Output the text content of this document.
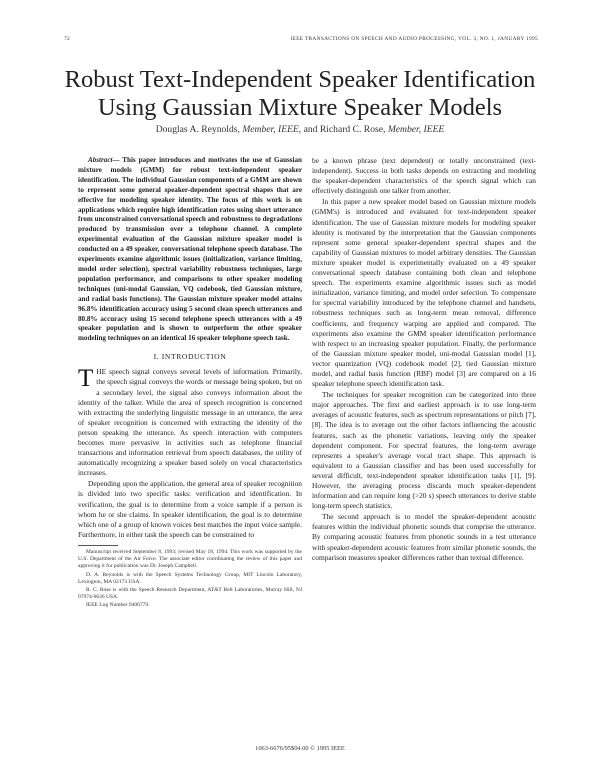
72	IEEE TRANSACTIONS ON SPEECH AND AUDIO PROCESSING, VOL. 3, NO. 1, JANUARY 1995
Robust Text-Independent Speaker Identification
Using Gaussian Mixture Speaker Models
Douglas A. Reynolds, Member, IEEE, and Richard C. Rose, Member, IEEE

Abstract— This paper introduces and motivates the use of Gaussian mixture models (GMM) for robust text-independent speaker identification. The individual Gaussian components of a GMM are shown to represent some general speaker-dependent spectral shapes that are effective for modeling speaker identity. The focus of this work is on applications which require high identification rates using short utterance from unconstrained conversational speech and robustness to degradations produced by transmission over a telephone channel. A complete experimental evaluation of the Gaussian mixture speaker model is conducted on a 49 speaker, conversational telephone speech database. The experiments examine algorithmic issues (initialization, variance limiting, model order selection), spectral variability robustness techniques, large population performance, and comparisons to other speaker modeling techniques (uni-modal Gaussian, VQ codebook, tied Gaussian mixture, and radial basis functions). The Gaussian mixture speaker model attains 96.8% identification accuracy using 5 second clean speech utterances and 80.8% accuracy using 15 second telephone speech utterances with a 49 speaker population and is shown to outperform the other speaker modeling techniques on an identical 16 speaker telephone speech task.

I. INTRODUCTION

THE speech signal conveys several levels of information. Primarily, the speech signal conveys the words or message being spoken, but on a secondary level, the signal also conveys information about the identity of the talker. While the area of speech recognition is concerned with extracting the underlying linguistic message in an utterance, the area of speaker recognition is concerned with extracting the identity of the person speaking the utterance. As speech interaction with computers becomes more pervasive in activities such as telephone financial transactions and information retrieval from speech databases, the utility of automatically recognizing a speaker based solely on vocal characteristics increases.

Depending upon the application, the general area of speaker recognition is divided into two specific tasks: verification and identification. In verification, the goal is to determine from a voice sample if a person is whom he or she claims. In speaker identification, the goal is to determine which one of a group of known voices best matches the input voice sample. Furthermore, in either task the speech can be constrained to

Manuscript received September 8, 1993; revised May 18, 1994. This work was supported by the U.S. Department of the Air Force. The associate editor coordinating the review of this paper and approving it for publication was Dr. Joseph Campbell.

D. A. Reynolds is with the Speech Systems Technology Group, MIT Lincoln Laboratory, Lexington, MA 02173 USA.

R. C. Rose is with the Speech Research Department, AT&T Bell Laboratories, Murray Hill, NJ 07974-0636 USA.

IEEE Log Number 9406779.

be a known phrase (text dependent) or totally unconstrained (text-independent). Success in both tasks depends on extracting and modeling the speaker-dependent characteristics of the speech signal which can effectively distinguish one talker from another.

In this paper a new speaker model based on Gaussian mixture models (GMM's) is introduced and evaluated for text-independent speaker identification. The use of Gaussian mixture models for modeling speaker identity is motivated by the interpretation that the Gaussian components represent some general speaker-dependent spectral shapes and the capability of Gaussian mixtures to model arbitrary densities. The Gaussian mixture speaker model is experimentally evaluated on a 49 speaker conversational speech database containing both clean and telephone speech. The experiments examine algorithmic issues such as model initialization, variance limiting, and model order selection. To compensate for spectral variability introduced by the telephone channel and handsets, robustness techniques such as long-term mean removal, difference coefficients, and frequency warping are applied and compared. The experiments also examine the GMM speaker identification performance with respect to an increasing speaker population. Finally, the performance of the Gaussian mixture speaker model, uni-modal Gaussian model [1], vector quantization (VQ) codebook model [2], tied Gaussian mixture model, and radial basis function (RBF) model [3] are compared on a 16 speaker telephone speech identification task.

The techniques for speaker recognition can be categorized into three major approaches. The first and earliest approach is to use long-term averages of acoustic features, such as spectrum representations or pitch [7], [8]. The idea is to average out the other factors influencing the acoustic features, such as the phonetic variations, leaving only the speaker dependent component. For spectral features, the long-term average represents a speaker's average vocal tract shape. This approach is equivalent to a Gaussian classifier and has been used successfully for several difficult, text-independent speaker identification tasks [1], [9]. However, the averaging process discards much speaker-dependent information and can require long (>20 s) speech utterances to derive stable long-term speech statistics.

The second approach is to model the speaker-dependent acoustic features within the individual phonetic sounds that comprise the utterance. By comparing acoustic features from phonetic sounds in a test utterance with speaker-dependent acoustic features from similar phonetic sounds, the comparison measures speaker differences rather than textual difference.

1063-6676/95$04.00 © 1995 IEEE
